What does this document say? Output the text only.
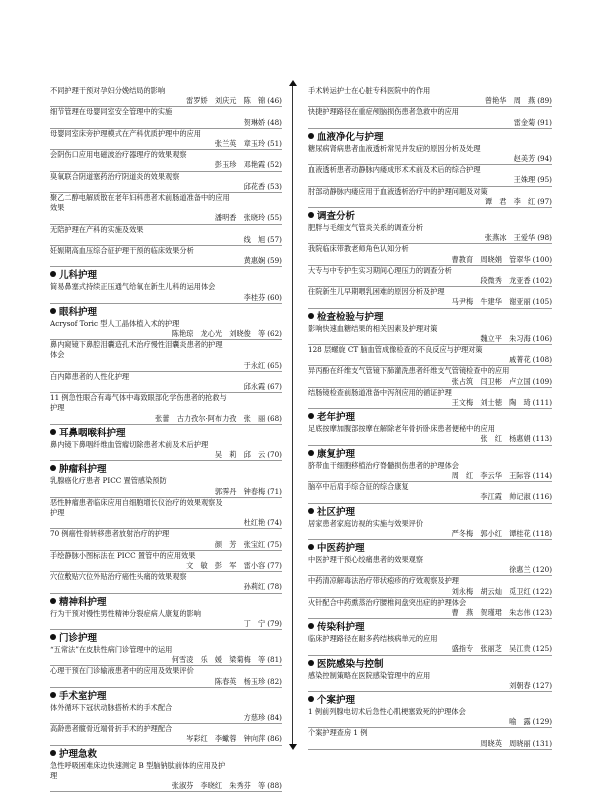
不同护理干预对孕妇分娩结局的影响
雷罗娇　刘庆元　陈　锦 (46)
细节管理在母婴同室安全管理中的实施
贺琳娇 (48)
母婴同室床旁护理模式在产科优质护理中的应用
张兰英　章玉玲 (51)
会阴伤口应用电磁波治疗器理疗的效果观察
彭玉珍　邓艳霞 (52)
臭氧联合阴道塞药治疗阴道炎的效果观察
邱花香 (53)
聚乙二醇电解质散在老年妇科患者术前肠道准备中的应用
效果
潘明香　张晓玲 (55)
无陪护理在产科的实施及效果
线　旭 (57)
妊娠期高血压综合征护理干预的临床效果分析
黄惠娴 (59)
儿科护理
简易鼻塞式持续正压通气给氧在新生儿科的运用体会
李桂芬 (60)
眼科护理
Acrysof Toric 型人工晶体植入术的护理
陈艳琼　龙心光　刘晓俊　等 (62)
鼻内窥镜下鼻腔泪囊造孔术治疗慢性泪囊炎患者的护理
体会
于永红 (65)
白内障患者的人性化护理
邱永霞 (67)
11 例急性眼合有毒气体中毒致眼部化学伤患者的抢救与
护理
张蕾　古力孜尔·阿布力孜　张　丽 (68)
耳鼻咽喉科护理
鼻内镜下鼻咽纤维血管瘤切除患者术前及术后护理
吴　莉　邱　云 (70)
肿瘤科护理
乳腺癌化疗患者 PICC 置管感染预防
郭霁丹　钟春梅 (71)
恶性肿瘤患者临床应用自细胞增长仪治疗的效果观察及
护理
杜红艳 (74)
70 例癌性骨转移患者放射治疗的护理
颜　芳　张宝红 (75)
手绘静脉小图标法在 PICC 置管中的应用效果
文　敏　彭　军　雷小容 (77)
穴位敷贴穴位外贴治疗癌性头痛的效果观察
孙莉红 (78)
精神科护理
行为干预对慢性男性精神分裂症病人康复的影响
丁　宁 (79)
门诊护理
“五常法”在皮肤性病门诊管理中的运用
何雪凌　乐　媛　梁菊梅　等 (81)
心理干预在门诊输液患者中的应用及效果评价
陈春英　杨玉珍 (82)
手术室护理
体外循环下冠状动脉搭桥术的手术配合
方慈珍 (84)
高龄患者髋骨近端骨折手术的护理配合
岑彩红　李蠍蓉　钟向萍 (86)
护理急救
急性呼吸困难床边快速测定 B 型脑钠肽前体的应用及护
理
张淑芬　李晓红　朱秀芬　等 (88)
手术转运护士在心脏专科医院中的作用
曾艳华　周　燕 (89)
快捷护理路径在重症颅脑损伤患者急救中的应用
雷金菊 (91)
血液净化与护理
糖尿病肾病患者血液透析常见并发症的原因分析及处理
赵美芳 (94)
血液透析患者动静脉内瘘成形术术前及术后的综合护理
王姝理 (95)
肘部动静脉内瘘应用于血液透析治疗中的护理问题及对策
谭　君　李　红 (97)
调查分析
肥胖与毛细支气管炎关系的调查分析
张燕冰　王爱华 (98)
我院临床带教老师角色认知分析
曹教育　周晓娟　管翠华 (100)
大专与中专护生实习期间心理压力的调查分析
段微秀　龙亚香 (102)
住院新生儿早期喂乳困难的原因分析及护理
马尹梅　牛建华　谢亚丽 (105)
检查检验与护理
影响快速血糖结果的相关因素及护理对策
魏立平　朱习海 (106)
128 层螺旋 CT 脑血管成像检查的不良反应与护理对策
戚菁花 (108)
异丙酚在纤维支气管镜下肺灌洗患者纤维支气管镜检查中的应用
张占筑　闫卫彬　卢立国 (109)
结肠镜检查前肠道准备中泻剂应用的循证护理
王文梅　刘士徳　陶　琦 (111)
老年护理
足底按摩加腹部按摩在解除老年骨折卧床患者便秘中的应用
张　红　杨惠娟 (113)
康复护理
脐带血干细胞移植治疗脊髓损伤患者的护理体会
周　红　李云华　王际容 (114)
脑卒中后肩手综合征的综合康复
李江霞　帅记淑 (116)
社区护理
居家患者家庭访视的实施与效果评价
严冬梅　郭小红　谭桂花 (118)
中医药护理
中医护理干预心绞痛患者的效果观察
徐惠兰 (120)
中药清凉解毒法治疗带状疱疹的疗效观察及护理
刘永梅　胡云灿　觅卫红 (122)
火针配合中药熏蒸治疗腰椎间盘突出症的护理体会
曹　燕　贺瑾珺　朱志伟 (123)
传染科护理
临床护理路径在耐多药结核病单元的应用
盛指专　张丽芝　吴江贵 (125)
医院感染与控制
感染控制策略在医院感染管理中的应用
刘朝春 (127)
个案护理
1 例前列腺电切术后急性心肌梗塞致死的护理体会
喻　露 (129)
个案护理查房 1 例
周晓英　周晓丽 (131)
